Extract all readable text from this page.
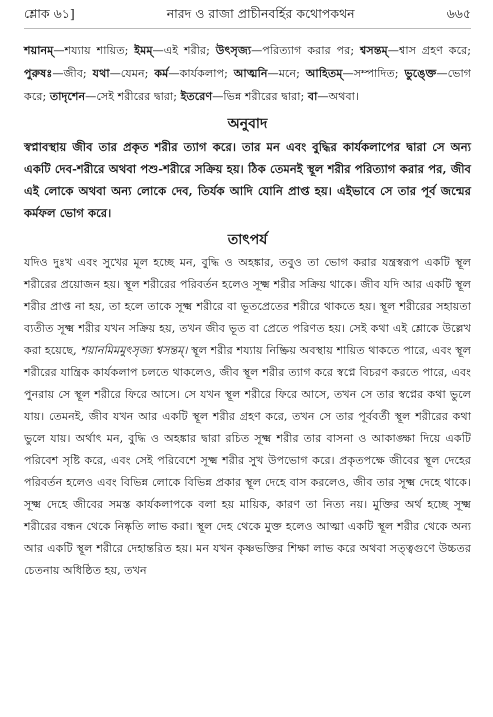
শ্লোক ৬১]	নারদ ও রাজা প্রাচীনবর্হির কথোপকথন	৬৬৫
শয়ানম্—শয্যায় শায়িত; ইমম্—এই শরীর; উৎসৃজ্য—পরিত্যাগ করার পর; শ্বসন্তম্—শ্বাস গ্রহণ করে; পুরুষঃ—জীব; যথা—যেমন; কর্ম—কার্যকলাপ; আত্মনি—মনে; আহিতম্—সম্পাদিত; ভুঙ্ক্তে—ভোগ করে; তাদৃশেন—সেই শরীরের দ্বারা; ইতরেণ—ভিন্ন শরীরের দ্বারা; বা—অথবা।
অনুবাদ
স্বপ্নাবস্থায় জীব তার প্রকৃত শরীর ত্যাগ করে। তার মন এবং বুদ্ধির কার্যকলাপের দ্বারা সে অন্য একটি দেব-শরীরে অথবা পশু-শরীরে সক্রিয় হয়। ঠিক তেমনই স্থূল শরীর পরিত্যাগ করার পর, জীব এই লোকে অথবা অন্য লোকে দেব, তির্যক আদি যোনি প্রাপ্ত হয়। এইভাবে সে তার পূর্ব জন্মের কর্মফল ভোগ করে।
তাৎপর্য
যদিও দুঃখ এবং সুখের মূল হচ্ছে মন, বুদ্ধি ও অহঙ্কার, তবুও তা ভোগ করার যন্ত্রস্বরূপ একটি স্থূল শরীরের প্রয়োজন হয়। স্থূল শরীরের পরিবর্তন হলেও সূক্ষ্ম শরীর সক্রিয় থাকে। জীব যদি আর একটি স্থূল শরীর প্রাপ্ত না হয়, তা হলে তাকে সূক্ষ্ম শরীরে বা ভূতপ্রেতের শরীরে থাকতে হয়। স্থূল শরীরের সহায়তা ব্যতীত সূক্ষ্ম শরীর যখন সক্রিয় হয়, তখন জীব ভূত বা প্রেতে পরিণত হয়। সেই কথা এই শ্লোকে উল্লেখ করা হয়েছে, শয়ানমিমমুৎসৃজ্য শ্বসন্তম্। স্থূল শরীর শয্যায় নিষ্ক্রিয় অবস্থায় শায়িত থাকতে পারে, এবং স্থূল শরীরের যান্ত্রিক কার্যকলাপ চলতে থাকলেও, জীব স্থূল শরীর ত্যাগ করে স্বপ্নে বিচরণ করতে পারে, এবং পুনরায় সে স্থূল শরীরে ফিরে আসে। সে যখন স্থূল শরীরে ফিরে আসে, তখন সে তার স্বপ্নের কথা ভুলে যায়। তেমনই, জীব যখন আর একটি স্থূল শরীর গ্রহণ করে, তখন সে তার পূর্ববর্তী স্থূল শরীরের কথা ভুলে যায়। অর্থাৎ মন, বুদ্ধি ও অহঙ্কার দ্বারা রচিত সূক্ষ্ম শরীর তার বাসনা ও আকাঙ্ক্ষা দিয়ে একটি পরিবেশ সৃষ্টি করে, এবং সেই পরিবেশে সূক্ষ্ম শরীর সুখ উপভোগ করে। প্রকৃতপক্ষে জীবের স্থূল দেহের পরিবর্তন হলেও এবং বিভিন্ন লোকে বিভিন্ন প্রকার স্থূল দেহে বাস করলেও, জীব তার সূক্ষ্ম দেহে থাকে। সূক্ষ্ম দেহে জীবের সমস্ত কার্যকলাপকে বলা হয় মায়িক, কারণ তা নিত্য নয়। মুক্তির অর্থ হচ্ছে সূক্ষ্ম শরীরের বন্ধন থেকে নিষ্কৃতি লাভ করা। স্থূল দেহ থেকে মুক্ত হলেও আত্মা একটি স্থূল শরীর থেকে অন্য আর একটি স্থূল শরীরে দেহান্তরিত হয়। মন যখন কৃষ্ণভক্তির শিক্ষা লাভ করে অথবা সত্ত্বগুণে উচ্চতর চেতনায় অধিষ্ঠিত হয়, তখন
